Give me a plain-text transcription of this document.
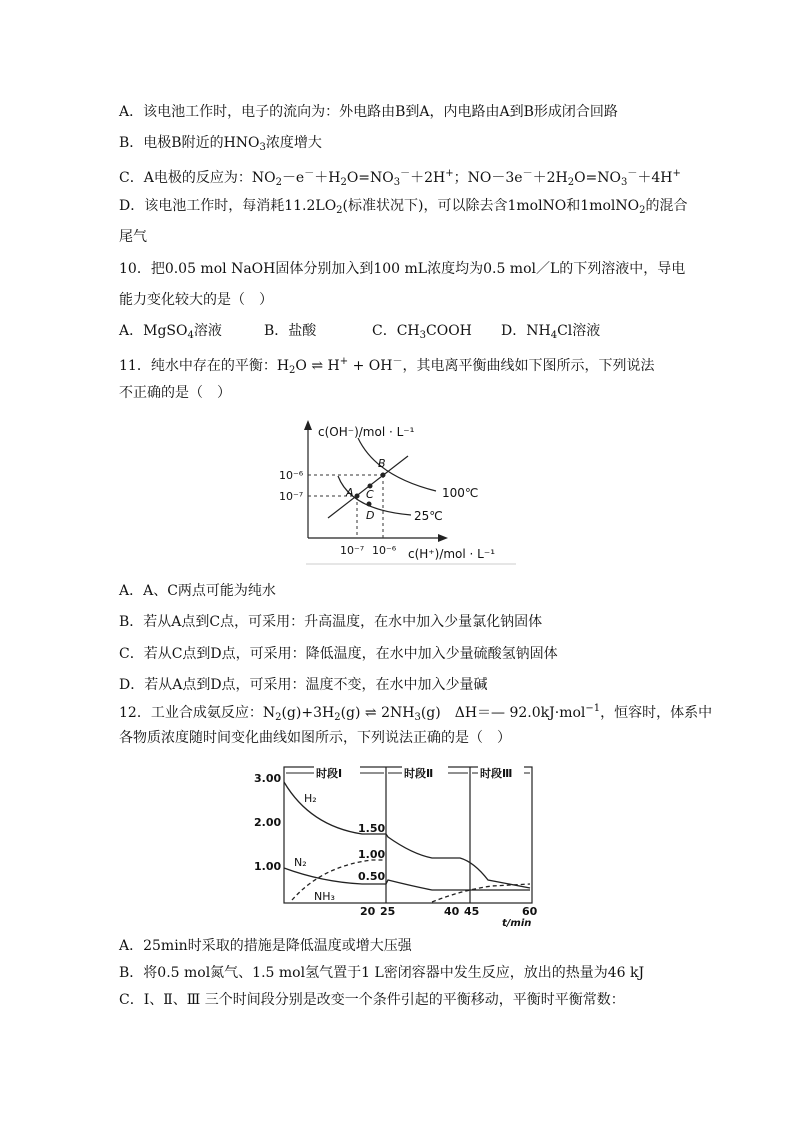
A．该电池工作时，电子的流向为：外电路由B到A，内电路由A到B形成闭合回路
B．电极B附近的$HNO_3$浓度增大
C．A电极的反应为：$NO_2-e^-+H_2O=NO_3^-+2H^+$；$NO-3e^-+2H_2O=NO_3^-+4H^+$
D．该电池工作时，每消耗$11.2LO_2$(标准状况下)，可以除去含1molNO和1molNO$_2$的混合
尾气
10．把0.05 mol NaOH固体分别加入到100 mL浓度均为0.5 mol／L的下列溶液中，导电
能力变化较大的是（　）
A．MgSO$_4$溶液	B．盐酸	C．$CH_3COOH$ D．$NH_4Cl$溶液
11．纯水中存在的平衡：$H_2O$ ⇌ H+ + OH－，其电离平衡曲线如下图所示，下列说法
不正确的是（　）
c(OH⁻)/mol · L⁻¹
c(H⁺)/mol · L⁻¹
10⁻⁶
10⁻⁷
10⁻⁷ 10⁻⁶
A
B
C
D
100℃
25℃
A．A、C两点可能为纯水
B．若从A点到C点，可采用：升高温度，在水中加入少量氯化钠固体
C．若从C点到D点，可采用：降低温度，在水中加入少量硫酸氢钠固体
D．若从A点到D点，可采用：温度不变，在水中加入少量碱
12．工业合成氨反应：$N_2(g)+3H_2(g)$ ⇌ $2NH_3(g)$　ΔH＝— 92.0kJ·mol$^{-1}$，恒容时，体系中
各物质浓度随时间变化曲线如图所示，下列说法正确的是（　）
时段Ⅰ	时段Ⅱ	时段Ⅲ
3.00
2.00
1.00
H₂
N₂
NH₃
1.50
1.00
0.50
20 25	40 45	60
t/min
A．25min时采取的措施是降低温度或增大压强
B．将0.5 mol氮气、1.5 mol氢气置于1 L密闭容器中发生反应，放出的热量为46 kJ
C．Ⅰ、Ⅱ、Ⅲ 三个时间段分别是改变一个条件引起的平衡移动，平衡时平衡常数：
